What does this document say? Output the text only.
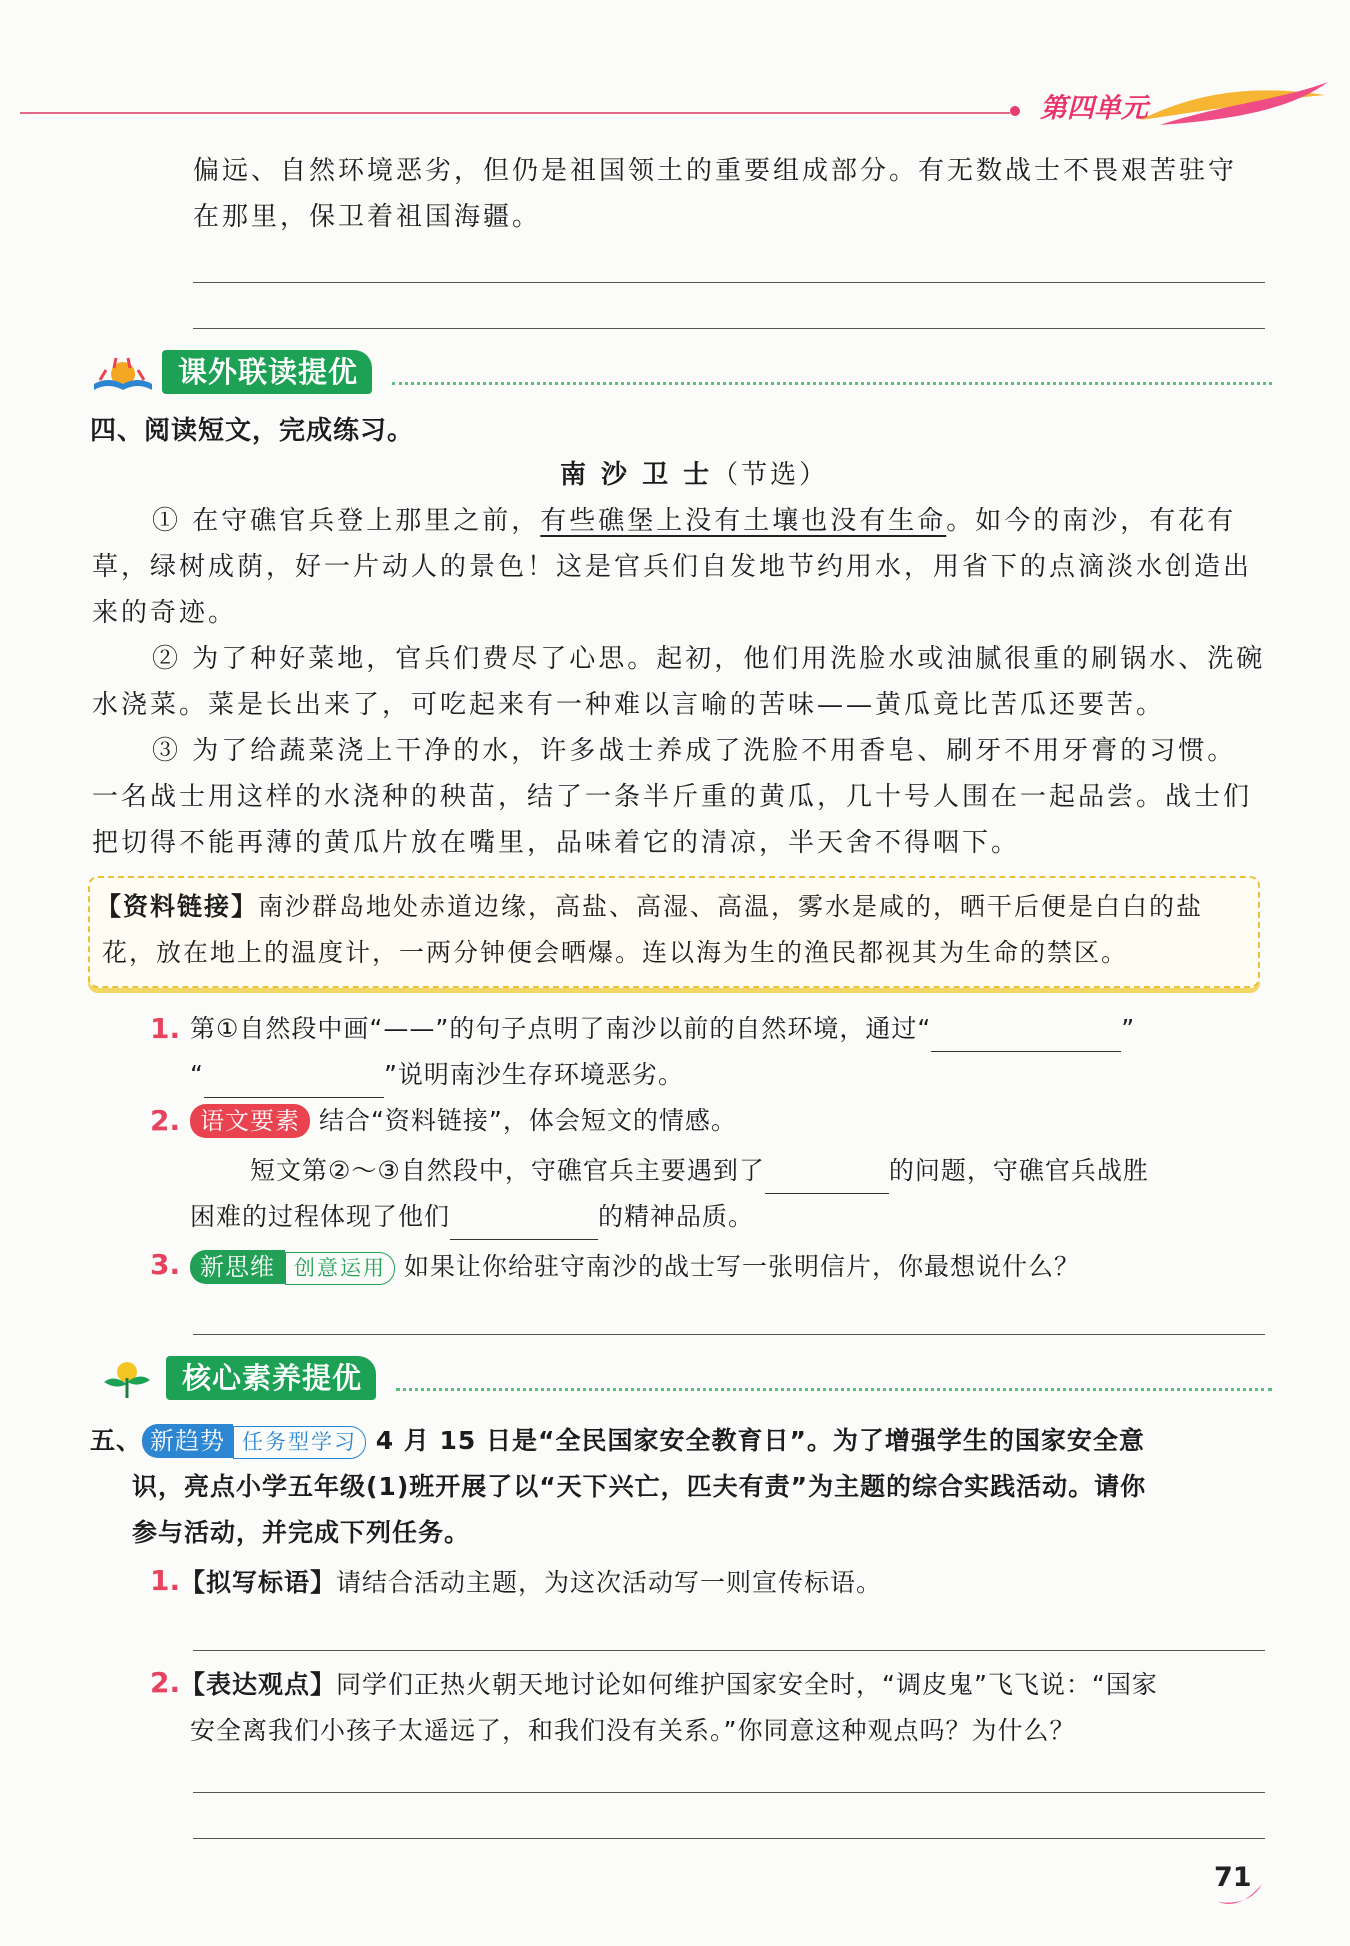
第四单元
偏远、自然环境恶劣，但仍是祖国领土的重要组成部分。有无数战士不畏艰苦驻守
在那里，保卫着祖国海疆。
课外联读提优
四、阅读短文，完成练习。
南 沙 卫 士（节选）
① 在守礁官兵登上那里之前，有些礁堡上没有土壤也没有生命。如今的南沙，有花有
草，绿树成荫，好一片动人的景色！这是官兵们自发地节约用水，用省下的点滴淡水创造出
来的奇迹。
② 为了种好菜地，官兵们费尽了心思。起初，他们用洗脸水或油腻很重的刷锅水、洗碗
水浇菜。菜是长出来了，可吃起来有一种难以言喻的苦味——黄瓜竟比苦瓜还要苦。
③ 为了给蔬菜浇上干净的水，许多战士养成了洗脸不用香皂、刷牙不用牙膏的习惯。
一名战士用这样的水浇种的秧苗，结了一条半斤重的黄瓜，几十号人围在一起品尝。战士们
把切得不能再薄的黄瓜片放在嘴里，品味着它的清凉，半天舍不得咽下。
【资料链接】南沙群岛地处赤道边缘，高盐、高湿、高温，雾水是咸的，晒干后便是白白的盐
花，放在地上的温度计，一两分钟便会晒爆。连以海为生的渔民都视其为生命的禁区。
1. 第①自然段中画“——”的句子点明了南沙以前的自然环境，通过“	”
“	”说明南沙生存环境恶劣。
2. 语文要素 结合“资料链接”，体会短文的情感。
短文第②～③自然段中，守礁官兵主要遇到了	的问题，守礁官兵战胜
困难的过程体现了他们	的精神品质。
3. 新思维 创意运用 如果让你给驻守南沙的战士写一张明信片，你最想说什么？
核心素养提优
五、 新趋势 任务型学习 4 月 15 日是“全民国家安全教育日”。为了增强学生的国家安全意
识，亮点小学五年级(1)班开展了以“天下兴亡，匹夫有责”为主题的综合实践活动。请你
参与活动，并完成下列任务。
1. 【拟写标语】请结合活动主题，为这次活动写一则宣传标语。
2. 【表达观点】同学们正热火朝天地讨论如何维护国家安全时，“调皮鬼”飞飞说：“国家
安全离我们小孩子太遥远了，和我们没有关系。”你同意这种观点吗？为什么？
71
